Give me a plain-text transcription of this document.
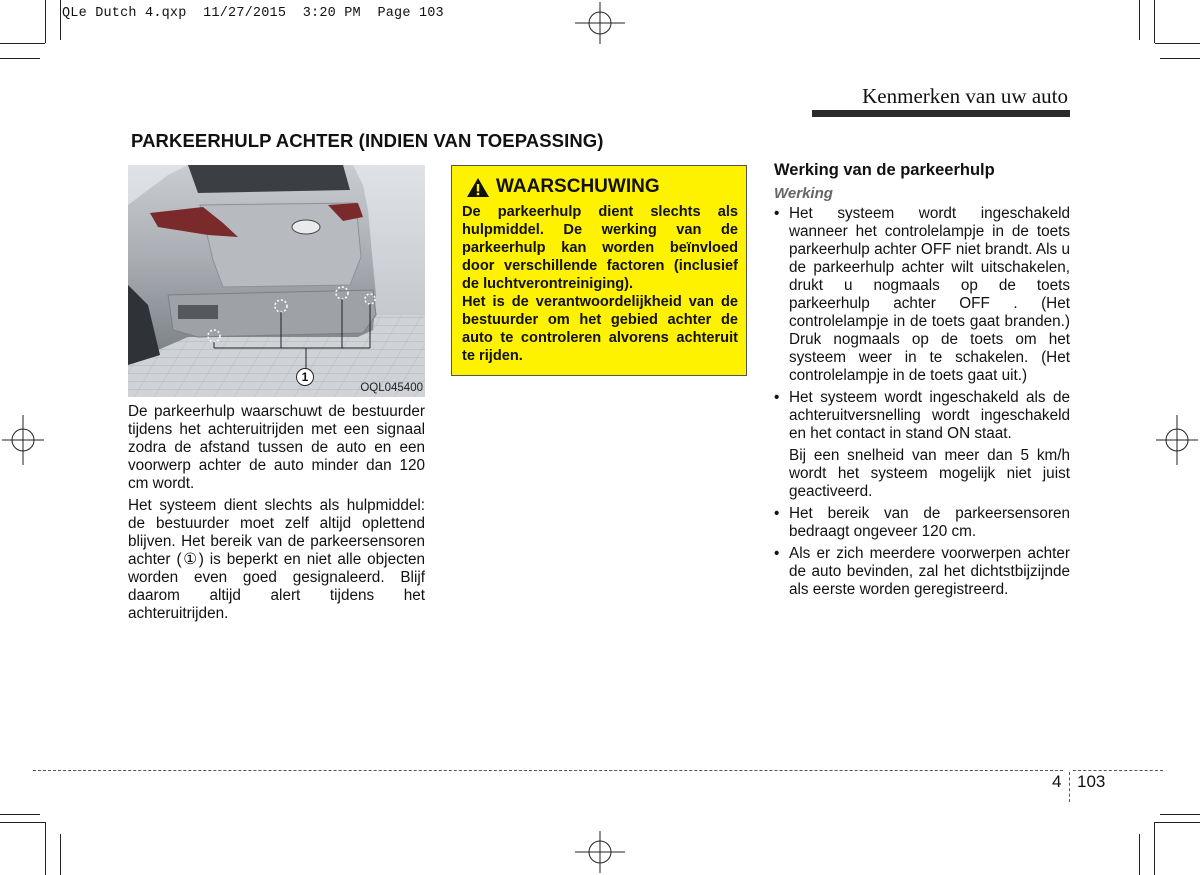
QLe Dutch 4.qxp  11/27/2015  3:20 PM  Page 103
Kenmerken van uw auto
PARKEERHULP ACHTER (INDIEN VAN TOEPASSING)
1
OQL045400

De parkeerhulp waarschuwt de bestuurder tijdens het achteruitrijden met een signaal zodra de afstand tussen de auto en een voorwerp achter de auto minder dan 120 cm wordt.

Het systeem dient slechts als hulpmiddel: de bestuurder moet zelf altijd oplettend blijven. Het bereik van de parkeersensoren achter (①) is beperkt en niet alle objecten worden even goed gesignaleerd. Blijf daarom altijd alert tijdens het achteruitrijden.

WAARSCHUWING

De parkeerhulp dient slechts als hulpmiddel. De werking van de parkeerhulp kan worden beïnvloed door verschillende factoren (inclusief de luchtverontreiniging).

Het is de verantwoordelijkheid van de bestuurder om het gebied achter de auto te controleren alvorens achteruit te rijden.

Werking van de parkeerhulp
Werking
• Het systeem wordt ingeschakeld wanneer het controlelampje in de toets parkeerhulp achter OFF niet brandt. Als u de parkeerhulp achter wilt uitschakelen, drukt u nogmaals op de toets parkeerhulp achter OFF . (Het controlelampje in de toets gaat branden.) Druk nogmaals op de toets om het systeem weer in te schakelen. (Het controlelampje in de toets gaat uit.)

• Het systeem wordt ingeschakeld als de achteruitversnelling wordt ingeschakeld en het contact in stand ON staat.

Bij een snelheid van meer dan 5 km/h wordt het systeem mogelijk niet juist geactiveerd.

• Het bereik van de parkeersensoren bedraagt ongeveer 120 cm.
• Als er zich meerdere voorwerpen achter de auto bevinden, zal het dichtstbijzijnde als eerste worden geregistreerd.
4 103
